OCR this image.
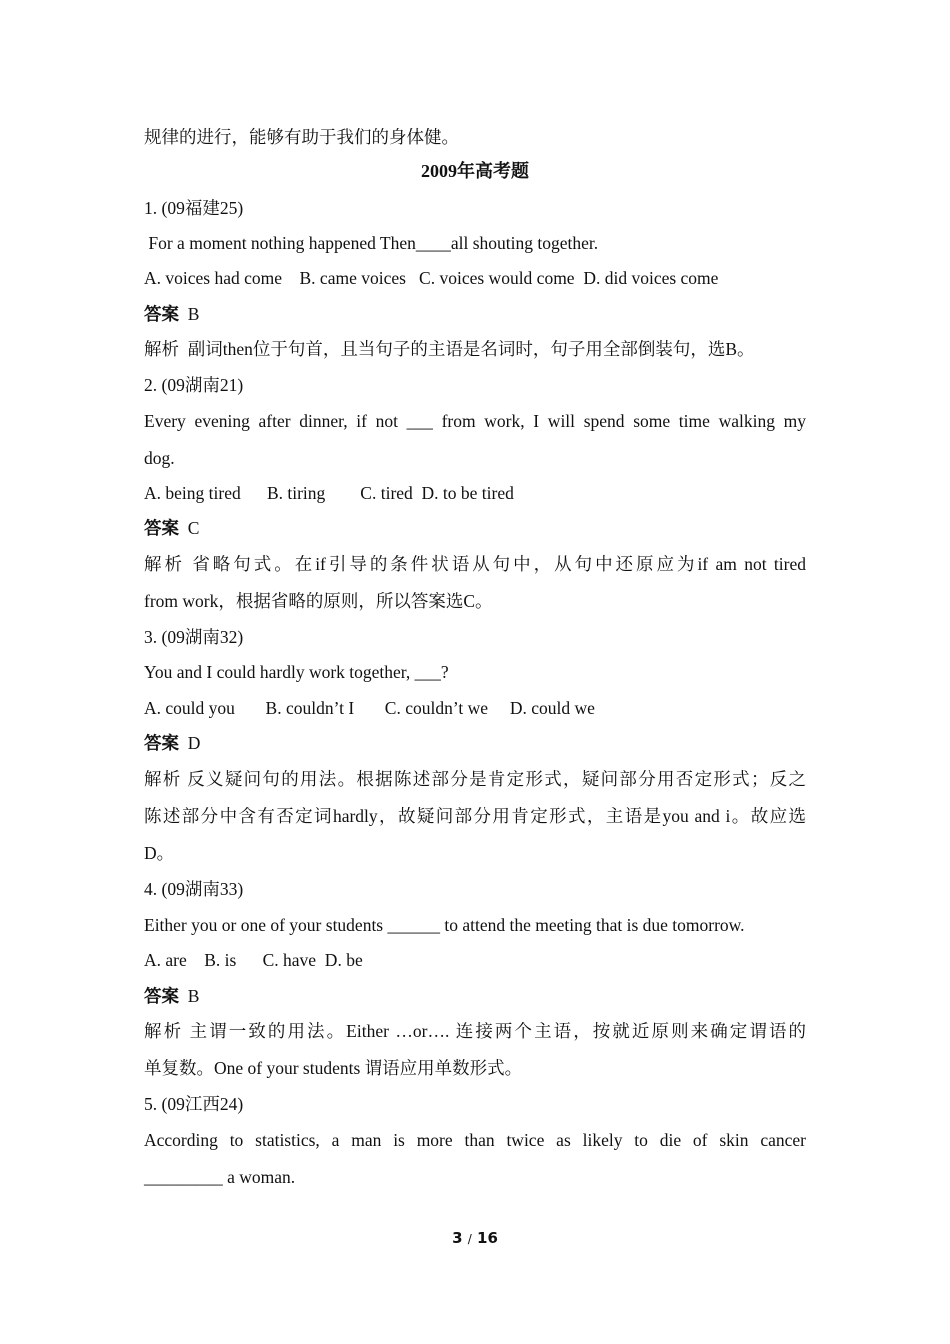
规律的进行，能够有助于我们的身体健。
2009年高考题
1. (09福建25)
For a moment nothing happened Then____all shouting together.
A. voices had come    B. came voices   C. voices would come  D. did voices come
答案 B
解析 副词then位于句首，且当句子的主语是名词时，句子用全部倒装句，选B。
2. (09湖南21)
Every evening after dinner, if not ___ from work, I will spend some time walking my
dog.
A. being tired      B. tiring        C. tired  D. to be tired
答案 C
解析 省略句式。在if引导的条件状语从句中，从句中还原应为if am not tired
from work，根据省略的原则，所以答案选C。
3. (09湖南32)
You and I could hardly work together, ___?
A. could you       B. couldn’t I       C. couldn’t we     D. could we
答案 D
解析 反义疑问句的用法。根据陈述部分是肯定形式，疑问部分用否定形式；反之
陈述部分中含有否定词hardly，故疑问部分用肯定形式，主语是you and i。故应选
D。
4. (09湖南33)
Either you or one of your students ______ to attend the meeting that is due tomorrow.
A. are    B. is      C. have  D. be
答案 B
解析 主谓一致的用法。Either …or…. 连接两个主语，按就近原则来确定谓语的
单复数。One of your students 谓语应用单数形式。
5. (09江西24)
According to statistics, a man is more than twice as likely to die of skin cancer
_________ a woman.
3 / 16
